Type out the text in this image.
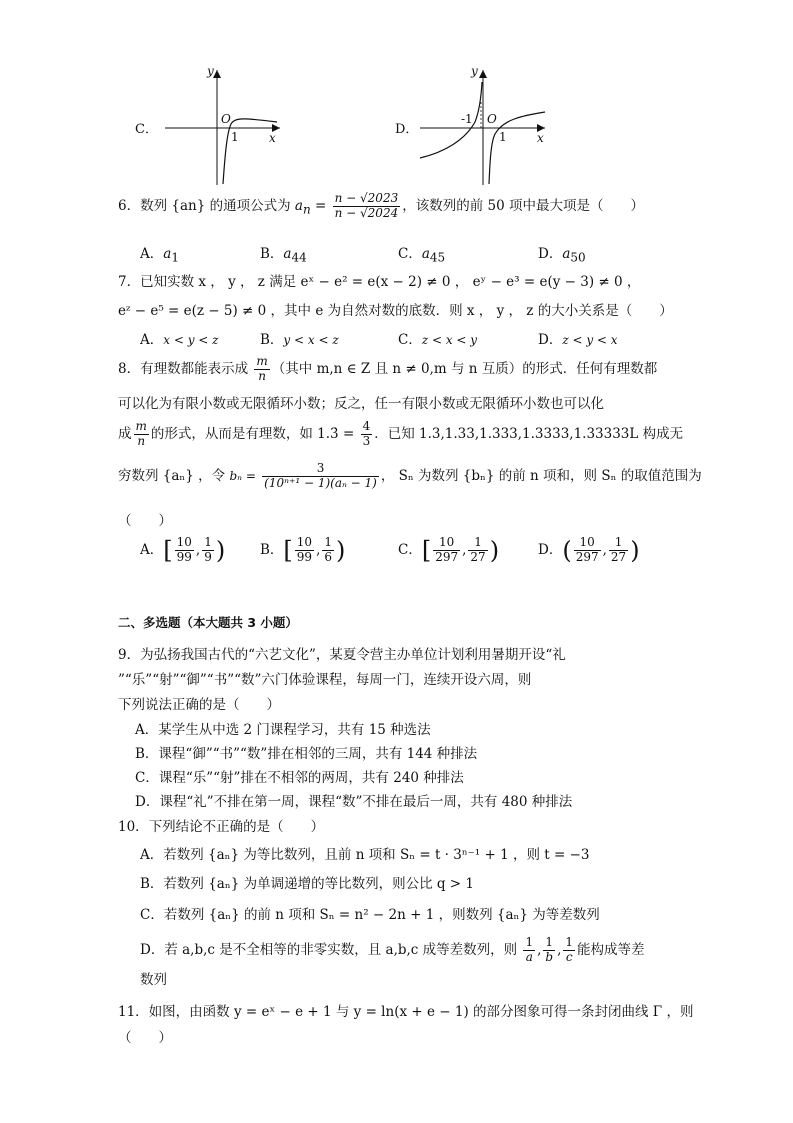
C．
y
x
O
1	D．
y
x
O
-1
1
6．数列 {an} 的通项公式为 $a_n = \frac{n - √2023}{n - √2024}$ ，该数列的前 50 项中最大项是（　　）
A．$a_1$	B．$a_{44}$	C．$a_{45}$	D．$a_{50}$
7．已知实数 x ， y ， z 满足 eˣ − e² = e(x − 2) ≠ 0 ， eʸ − e³ = e(y − 3) ≠ 0 ，
eᶻ − e⁵ = e(z − 5) ≠ 0 ，其中 e 为自然对数的底数．则 x ， y ， z 的大小关系是（　　）
A．x < y < z	B．y < x < z	C．z < x < y	D．z < y < x
8．有理数都能表示成 $\frac{m}{n}$ （其中 m,n ∈ Z 且 n ≠ 0,m 与 n 互质）的形式．任何有理数都
可以化为有限小数或无限循环小数；反之，任一有限小数或无限循环小数也可以化
成 $\frac{m}{n}$ 的形式，从而是有理数，如 1.3̇ = $\frac{4}{3}$ ．已知 1.3,1.33,1.333,1.3333,1.33333L 构成无
穷数列 {aₙ} ，令 $b_n = \frac{3}{\text{(10ⁿ⁺¹ − 1)(aₙ − 1)}}$ ， Sₙ 为数列 {bₙ} 的前 n 项和，则 Sₙ 的取值范围为
（　　）
A．[ $\frac{10}{99}$ , $\frac{1}{9}$ )	B．[ $\frac{10}{99}$ , $\frac{1}{6}$ )	C．[ $\frac{10}{297}$ , $\frac{1}{27}$ )	D．( $\frac{10}{297}$ , $\frac{1}{27}$ )
二、多选题（本大题共 3 小题）
9．为弘扬我国古代的“六艺文化”，某夏令营主办单位计划利用暑期开设“礼
”“乐”“射”“御”“书”“数”六门体验课程，每周一门，连续开设六周，则
下列说法正确的是（　　）
A．某学生从中选 2 门课程学习，共有 15 种选法
B．课程“御”“书”“数”排在相邻的三周，共有 144 种排法
C．课程“乐”“射”排在不相邻的两周，共有 240 种排法
D．课程“礼”不排在第一周，课程“数”不排在最后一周，共有 480 种排法
10．下列结论不正确的是（　　）
A．若数列 {aₙ} 为等比数列，且前 n 项和 Sₙ = t · 3ⁿ⁻¹ + 1 ，则 t = −3
B．若数列 {aₙ} 为单调递增的等比数列，则公比 q > 1
C．若数列 {aₙ} 的前 n 项和 Sₙ = n² − 2n + 1 ，则数列 {aₙ} 为等差数列
D．若 a,b,c 是不全相等的非零实数，且 a,b,c 成等差数列，则 $\frac{1}{a}$ , $\frac{1}{b}$ , $\frac{1}{c}$ 能构成等差
数列
11．如图，由函数 y = eˣ − e + 1 与 y = ln(x + e − 1) 的部分图象可得一条封闭曲线 Γ ，则
（　　）
